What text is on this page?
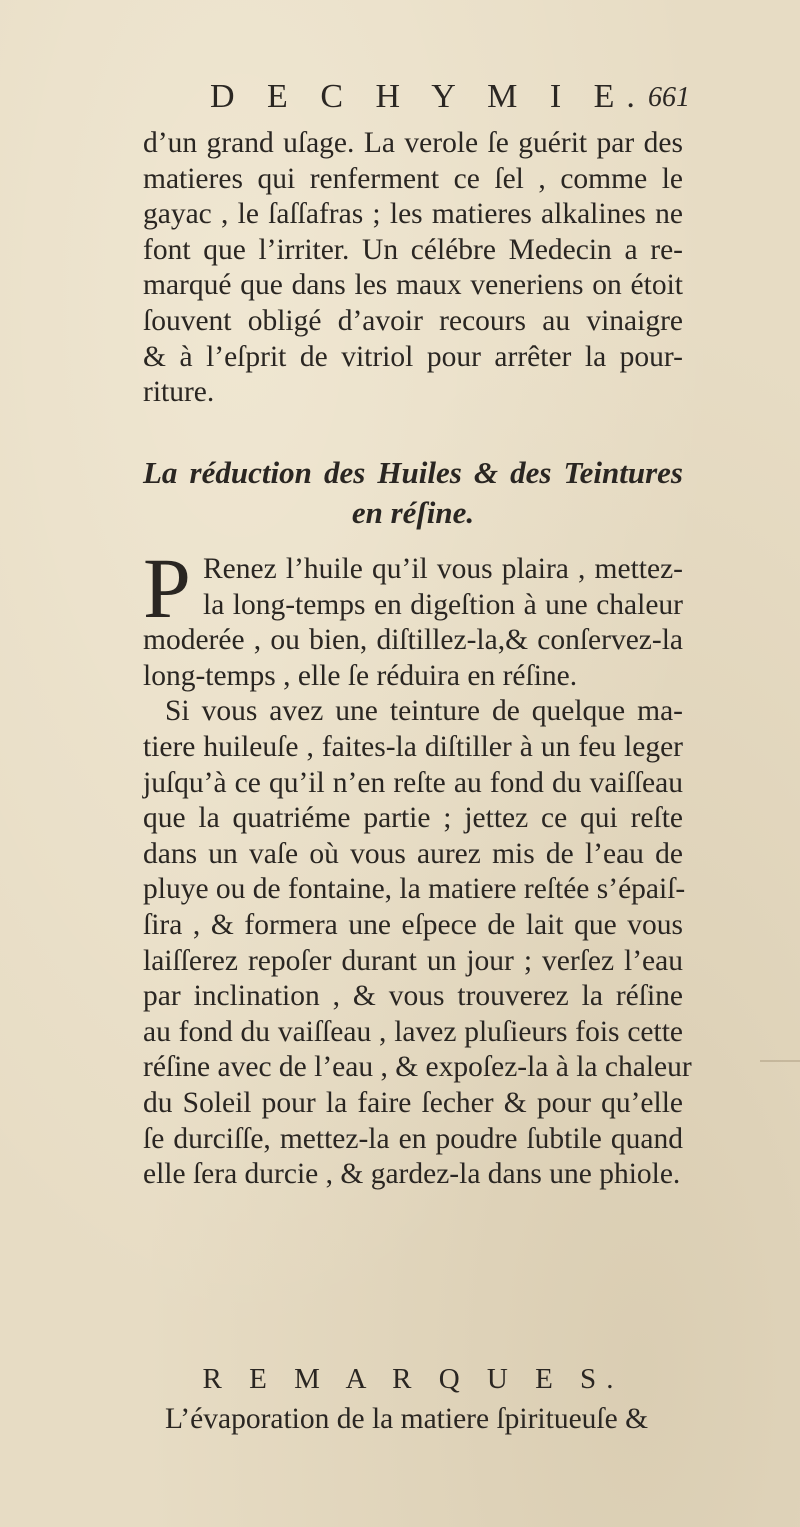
D E C H Y M I E. 661
d’un grand uſage. La verole ſe guérit par des
matieres qui renferment ce ſel , comme le
gayac , le ſaſſafras ; les matieres alkalines ne
font que l’irriter. Un célébre Medecin a re-
marqué que dans les maux veneriens on étoit
ſouvent obligé d’avoir recours au vinaigre
& à l’eſprit de vitriol pour arrêter la pour-
riture.
La réduction des Huiles & des Teintures
en réſine.
P Renez l’huile qu’il vous plaira , mettez-
la long-temps en digeſtion à une chaleur
moderée , ou bien, diſtillez-la,& conſervez-la
long-temps , elle ſe réduira en réſine.
Si vous avez une teinture de quelque ma-
tiere huileuſe , faites-la diſtiller à un feu leger
juſqu’à ce qu’il n’en reſte au fond du vaiſſeau
que la quatriéme partie ; jettez ce qui reſte
dans un vaſe où vous aurez mis de l’eau de
pluye ou de fontaine, la matiere reſtée s’épaiſ-
ſira , & formera une eſpece de lait que vous
laiſſerez repoſer durant un jour ; verſez l’eau
par inclination , & vous trouverez la réſine
au fond du vaiſſeau , lavez pluſieurs fois cette
réſine avec de l’eau , & expoſez-la à la chaleur
du Soleil pour la faire ſecher & pour qu’elle
ſe durciſſe, mettez-la en poudre ſubtile quand
elle ſera durcie , & gardez-la dans une phiole.
R E M A R Q U E S.
L’évaporation de la matiere ſpiritueuſe &
